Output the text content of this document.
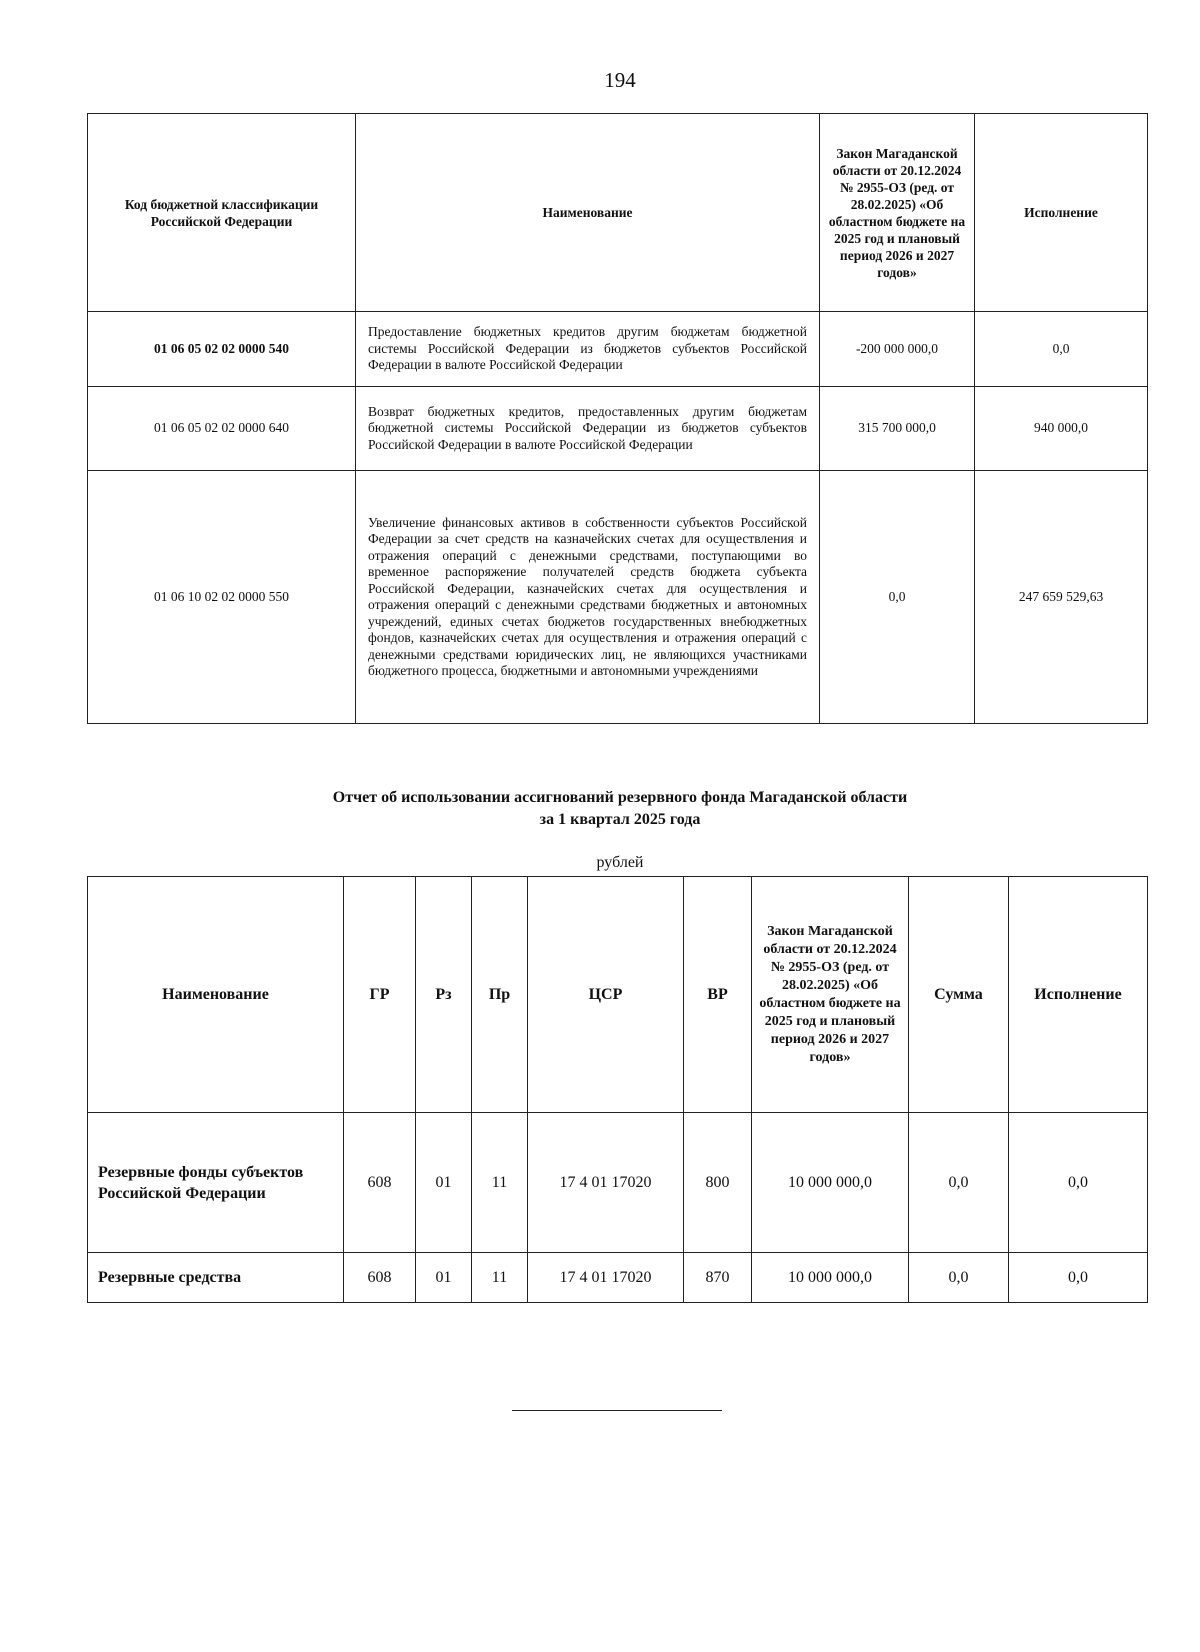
194
Код бюджетной классификации Российской Федерации	Наименование	Закон Магаданской области от 20.12.2024 № 2955-ОЗ (ред. от 28.02.2025) «Об областном бюджете на 2025 год и плановый период 2026 и 2027 годов»	Исполнение
01 06 05 02 02 0000 540	Предоставление бюджетных кредитов другим бюджетам бюджетной системы Российской Федерации из бюджетов субъектов Российской Федерации в валюте Российской Федерации	-200 000 000,0	0,0
01 06 05 02 02 0000 640	Возврат бюджетных кредитов, предоставленных другим бюджетам бюджетной системы Российской Федерации из бюджетов субъектов Российской Федерации в валюте Российской Федерации	315 700 000,0	940 000,0
01 06 10 02 02 0000 550	Увеличение финансовых активов в собственности субъектов Российской Федерации за счет средств на казначейских счетах для осуществления и отражения операций с денежными средствами, поступающими во временное распоряжение получателей средств бюджета субъекта Российской Федерации, казначейских счетах для осуществления и отражения операций с денежными средствами бюджетных и автономных учреждений, единых счетах бюджетов государственных внебюджетных фондов, казначейских счетах для осуществления и отражения операций с денежными средствами юридических лиц, не являющихся участниками бюджетного процесса, бюджетными и автономными учреждениями	0,0	247 659 529,63
Отчет об использовании ассигнований резервного фонда Магаданской области
за 1 квартал 2025 года
рублей
Наименование	ГР	Рз	Пр	ЦСР	ВР	Закон Магаданской области от 20.12.2024 № 2955-ОЗ (ред. от 28.02.2025) «Об областном бюджете на 2025 год и плановый период 2026 и 2027 годов»	Сумма	Исполнение
Резервные фонды субъектов Российской Федерации	608	01	11	17 4 01 17020	800	10 000 000,0	0,0	0,0
Резервные средства	608	01	11	17 4 01 17020	870	10 000 000,0	0,0	0,0
